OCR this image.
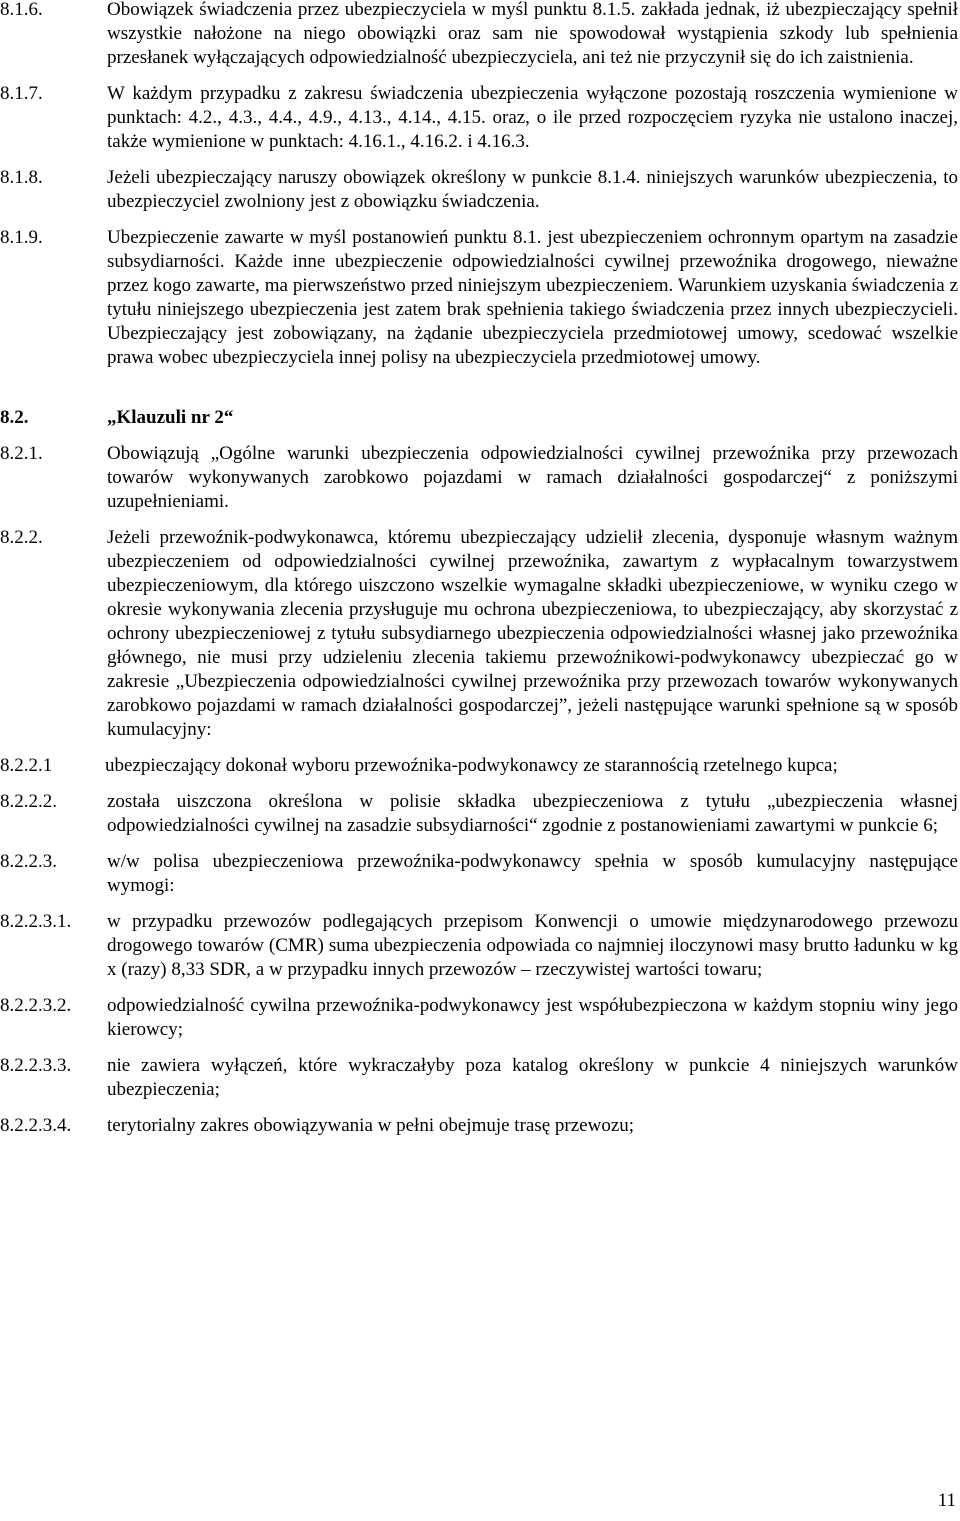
8.1.6.	Obowiązek świadczenia przez ubezpieczyciela w myśl punktu 8.1.5. zakłada jednak, iż ubezpieczający spełnił wszystkie nałożone na niego obowiązki oraz sam nie spowodował wystąpienia szkody lub spełnienia przesłanek wyłączających odpowiedzialność ubezpieczyciela, ani też nie przyczynił się do ich zaistnienia.
8.1.7.	W każdym przypadku z zakresu świadczenia ubezpieczenia wyłączone pozostają roszczenia wymienione w punktach: 4.2., 4.3., 4.4., 4.9., 4.13., 4.14., 4.15. oraz, o ile przed rozpoczęciem ryzyka nie ustalono inaczej, także wymienione w punktach: 4.16.1., 4.16.2. i 4.16.3.
8.1.8.	Jeżeli ubezpieczający naruszy obowiązek określony w punkcie 8.1.4. niniejszych warunków ubezpieczenia, to ubezpieczyciel zwolniony jest z obowiązku świadczenia.
8.1.9.	Ubezpieczenie zawarte w myśl postanowień punktu 8.1. jest ubezpieczeniem ochronnym opartym na zasadzie subsydiarności. Każde inne ubezpieczenie odpowiedzialności cywilnej przewoźnika drogowego, nieważne przez kogo zawarte, ma pierwszeństwo przed niniejszym ubezpieczeniem. Warunkiem uzyskania świadczenia z tytułu niniejszego ubezpieczenia jest zatem brak spełnienia takiego świadczenia przez innych ubezpieczycieli. Ubezpieczający jest zobowiązany, na żądanie ubezpieczyciela przedmiotowej umowy, scedować wszelkie prawa wobec ubezpieczyciela innej polisy na ubezpieczyciela przedmiotowej umowy.
8.2.	„Klauzuli nr 2“
8.2.1.	Obowiązują „Ogólne warunki ubezpieczenia odpowiedzialności cywilnej przewoźnika przy przewozach towarów wykonywanych zarobkowo pojazdami w ramach działalności gospodarczej“ z poniższymi uzupełnieniami.
8.2.2.	Jeżeli przewoźnik-podwykonawca, któremu ubezpieczający udzielił zlecenia, dysponuje własnym ważnym ubezpieczeniem od odpowiedzialności cywilnej przewoźnika, zawartym z wypłacalnym towarzystwem ubezpieczeniowym, dla którego uiszczono wszelkie wymagalne składki ubezpieczeniowe, w wyniku czego w okresie wykonywania zlecenia przysługuje mu ochrona ubezpieczeniowa, to ubezpieczający, aby skorzystać z ochrony ubezpieczeniowej z tytułu subsydiarnego ubezpieczenia odpowiedzialności własnej jako przewoźnika głównego, nie musi przy udzieleniu zlecenia takiemu przewoźnikowi-podwykonawcy ubezpieczać go w zakresie „Ubezpieczenia odpowiedzialności cywilnej przewoźnika przy przewozach towarów wykonywanych zarobkowo pojazdami w ramach działalności gospodarczej”, jeżeli następujące warunki spełnione są w sposób kumulacyjny:
8.2.2.1	ubezpieczający dokonał wyboru przewoźnika-podwykonawcy ze starannością rzetelnego kupca;
8.2.2.2.	została uiszczona określona w polisie składka ubezpieczeniowa z tytułu „ubezpieczenia własnej odpowiedzialności cywilnej na zasadzie subsydiarności“ zgodnie z postanowieniami zawartymi w punkcie 6;
8.2.2.3.	w/w polisa ubezpieczeniowa przewoźnika-podwykonawcy spełnia w sposób kumulacyjny następujące wymogi:
8.2.2.3.1.	w przypadku przewozów podlegających przepisom Konwencji o umowie międzynarodowego przewozu drogowego towarów (CMR) suma ubezpieczenia odpowiada co najmniej iloczynowi masy brutto ładunku w kg x (razy) 8,33 SDR, a w przypadku innych przewozów – rzeczywistej wartości towaru;
8.2.2.3.2.	odpowiedzialność cywilna przewoźnika-podwykonawcy jest współubezpieczona w każdym stopniu winy jego kierowcy;
8.2.2.3.3.	nie zawiera wyłączeń, które wykraczałyby poza katalog określony w punkcie 4 niniejszych warunków ubezpieczenia;
8.2.2.3.4.	terytorialny zakres obowiązywania w pełni obejmuje trasę przewozu;
11
